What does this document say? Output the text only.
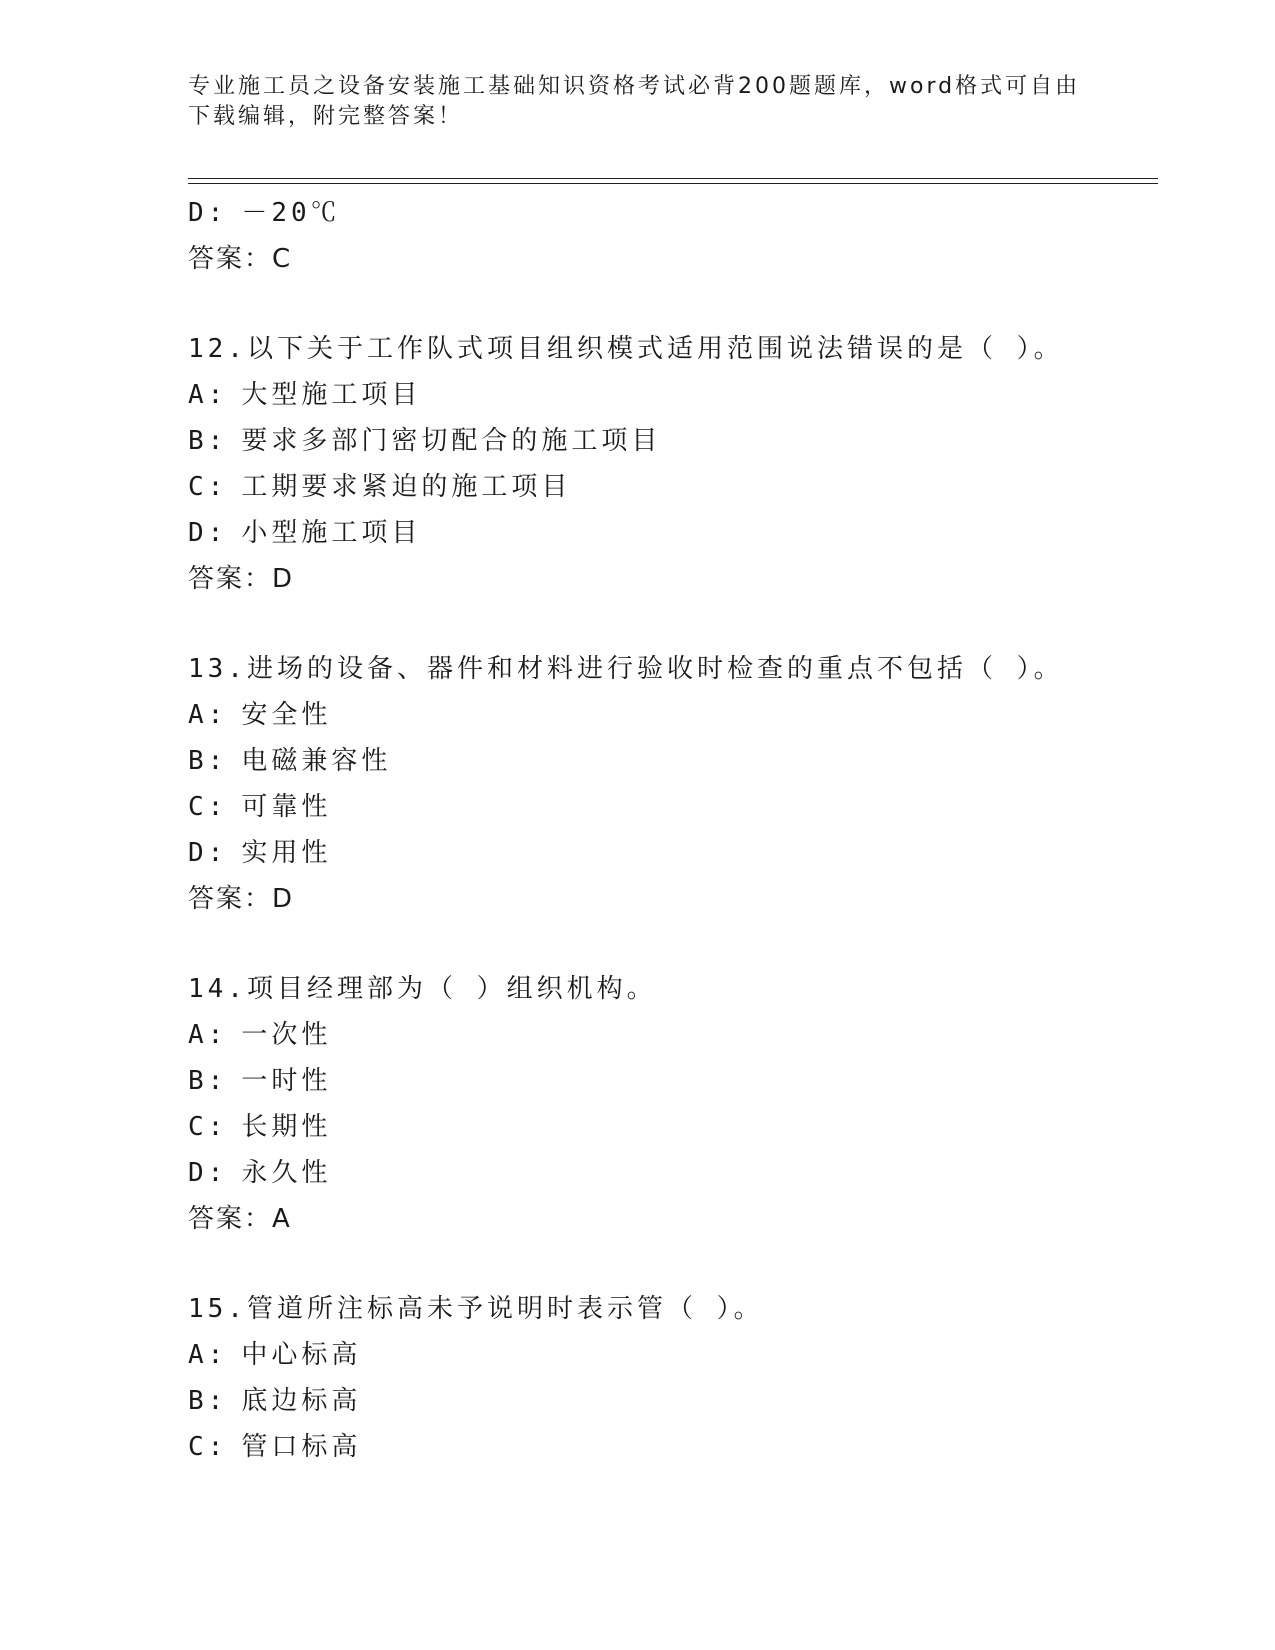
专业施工员之设备安装施工基础知识资格考试必背200题题库，word格式可自由下载编辑，附完整答案！
D: －20℃
答案：C
12.以下关于工作队式项目组织模式适用范围说法错误的是（ ）。
A: 大型施工项目
B: 要求多部门密切配合的施工项目
C: 工期要求紧迫的施工项目
D: 小型施工项目
答案：D
13.进场的设备、器件和材料进行验收时检查的重点不包括（ ）。
A: 安全性
B: 电磁兼容性
C: 可靠性
D: 实用性
答案：D
14.项目经理部为（ ）组织机构。
A: 一次性
B: 一时性
C: 长期性
D: 永久性
答案：A
15.管道所注标高未予说明时表示管（ ）。
A: 中心标高
B: 底边标高
C: 管口标高
